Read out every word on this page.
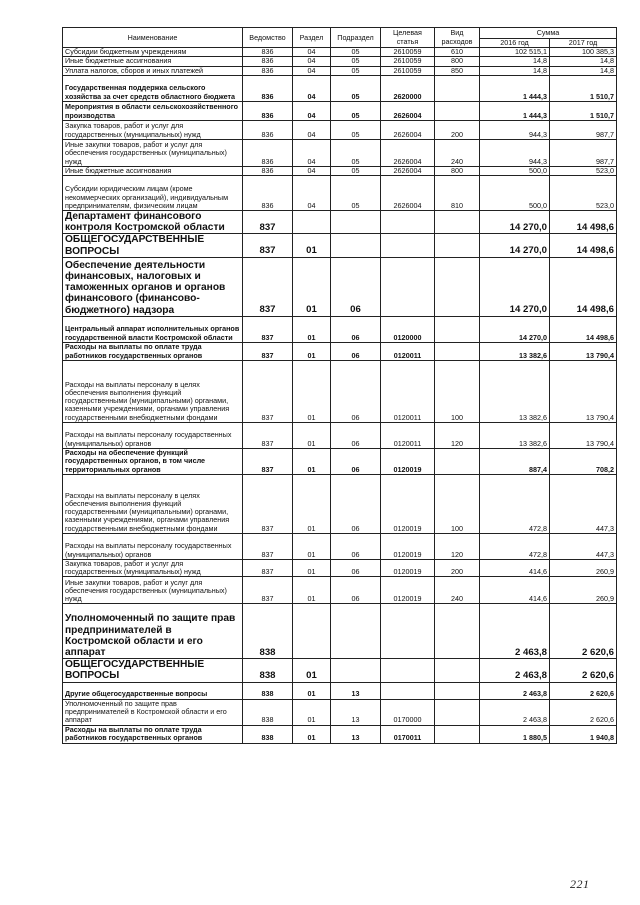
Наименование	Ведомство	Раздел	Подраздел	Целевая статья	Вид расходов	Сумма	
						2016 год	2017 год
Субсидии бюджетным учреждениям	836	04	05	2610059	610	102 515,1	100 385,3
Иные бюджетные ассигнования	836	04	05	2610059	800	14,8	14,8
Уплата налогов, сборов и иных платежей	836	04	05	2610059	850	14,8	14,8
Государственная поддержка сельского хозяйства за счет средств областного бюджета	836	04	05	2620000		1 444,3	1 510,7
Мероприятия в области сельскохозяйственного производства	836	04	05	2626004		1 444,3	1 510,7
Закупка товаров, работ и услуг для государственных (муниципальных) нужд	836	04	05	2626004	200	944,3	987,7
Иные закупки товаров, работ и услуг для обеспечения государственных (муниципальных) нужд	836	04	05	2626004	240	944,3	987,7
Иные бюджетные ассигнования	836	04	05	2626004	800	500,0	523,0
Субсидии юридическим лицам (кроме некоммерческих организаций), индивидуальным предпринимателям, физическим лицам	836	04	05	2626004	810	500,0	523,0
Департамент финансового контроля Костромской области	837					14 270,0	14 498,6
ОБЩЕГОСУДАРСТВЕННЫЕ ВОПРОСЫ	837	01				14 270,0	14 498,6
Обеспечение деятельности финансовых, налоговых и таможенных органов и органов финансового (финансово-бюджетного) надзора	837	01	06			14 270,0	14 498,6
Центральный аппарат исполнительных органов государственной власти Костромской области	837	01	06	0120000		14 270,0	14 498,6
Расходы на выплаты по оплате труда работников государственных органов	837	01	06	0120011		13 382,6	13 790,4
Расходы на выплаты персоналу в целях обеспечения выполнения функций государственными (муниципальными) органами, казенными учреждениями, органами управления государственными внебюджетными фондами	837	01	06	0120011	100	13 382,6	13 790,4
Расходы на выплаты персоналу государственных (муниципальных) органов	837	01	06	0120011	120	13 382,6	13 790,4
Расходы на обеспечение функций государственных органов, в том числе территориальных органов	837	01	06	0120019		887,4	708,2
Расходы на выплаты персоналу в целях обеспечения выполнения функций государственными (муниципальными) органами, казенными учреждениями, органами управления государственными внебюджетными фондами	837	01	06	0120019	100	472,8	447,3
Расходы на выплаты персоналу государственных (муниципальных) органов	837	01	06	0120019	120	472,8	447,3
Закупка товаров, работ и услуг для государственных (муниципальных) нужд	837	01	06	0120019	200	414,6	260,9
Иные закупки товаров, работ и услуг для обеспечения государственных (муниципальных) нужд	837	01	06	0120019	240	414,6	260,9
Уполномоченный по защите прав предпринимателей в Костромской области и его аппарат	838					2 463,8	2 620,6
ОБЩЕГОСУДАРСТВЕННЫЕ ВОПРОСЫ	838	01				2 463,8	2 620,6
Другие общегосударственные вопросы	838	01	13			2 463,8	2 620,6
Уполномоченный по защите прав предпринимателей в Костромской области и его аппарат	838	01	13	0170000		2 463,8	2 620,6
Расходы на выплаты по оплате труда работников государственных органов	838	01	13	0170011		1 880,5	1 940,8
221
